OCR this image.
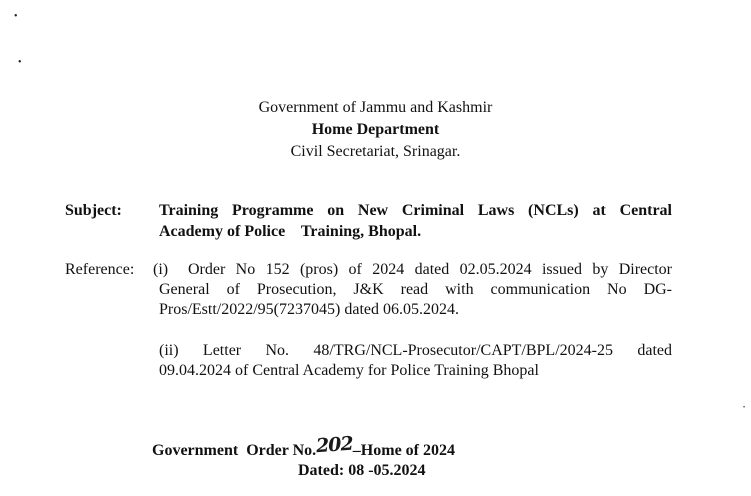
•
•
•
Government of Jammu and Kashmir
Home Department
Civil Secretariat, Srinagar.
Subject: Training Programme on New Criminal Laws (NCLs) at Central
Academy of Police    Training, Bhopal.
Reference: (i) Order No 152 (pros) of 2024 dated 02.05.2024 issued by Director
General of Prosecution, J&K read with communication No DG-
Pros/Estt/2022/95(7237045) dated 06.05.2024.
(ii) Letter No. 48/TRG/NCL-Prosecutor/CAPT/BPL/2024-25 dated
09.04.2024 of Central Academy for Police Training Bhopal
Government  Order No.202–Home of 2024
Dated: 08 -05.2024
